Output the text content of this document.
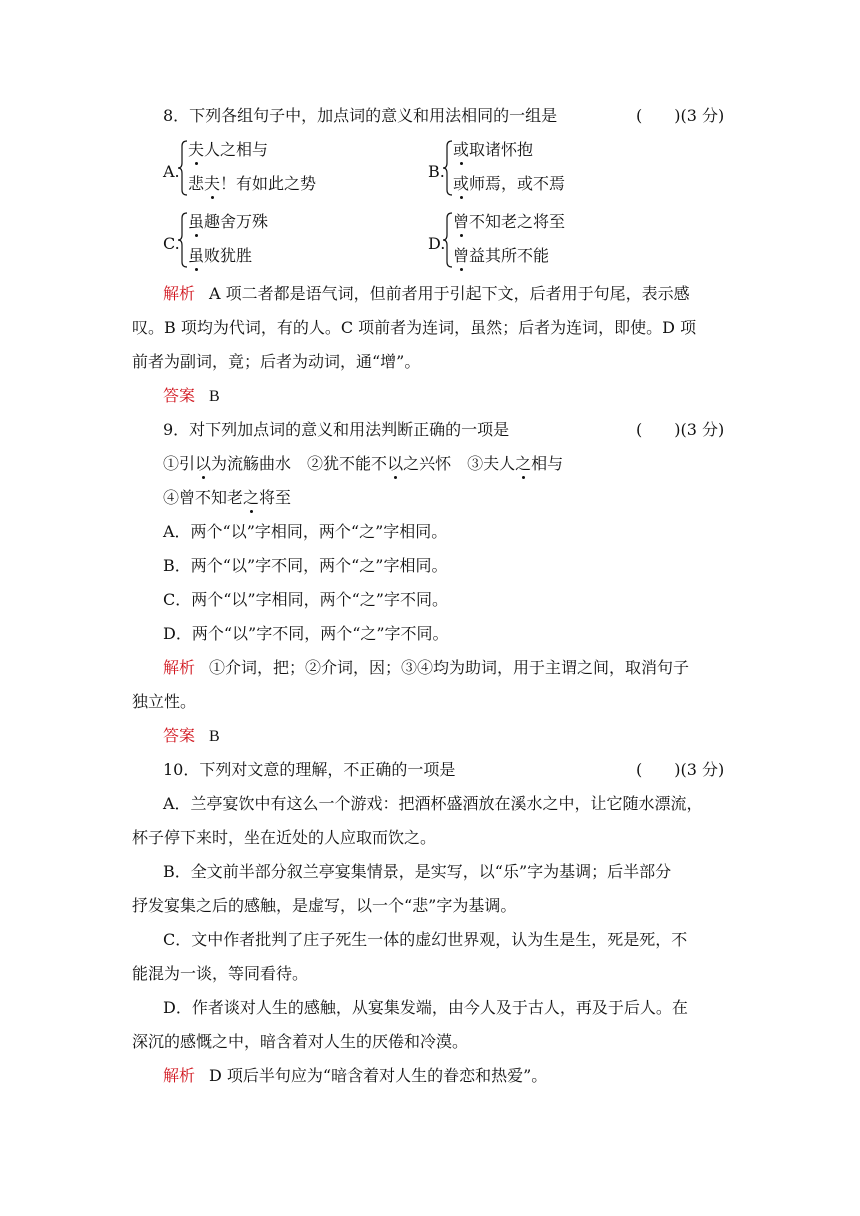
8．下列各组句子中，加点词的意义和用法相同的一组是	(　　)(3 分)
A.
夫人之相与
悲夫！有如此之势
B.
或取诸怀抱
或师焉，或不焉
C.
虽趣舍万殊
虽败犹胜
D.
曾不知老之将至
曾益其所不能
解析 A 项二者都是语气词，但前者用于引起下文，后者用于句尾，表示感
叹。B 项均为代词，有的人。C 项前者为连词，虽然；后者为连词，即使。D 项
前者为副词，竟；后者为动词，通“增”。
答案 B
9．对下列加点词的意义和用法判断正确的一项是	(　　)(3 分)
①引以为流觞曲水 ②犹不能不以之兴怀 ③夫人之相与
④曾不知老之将至
A．两个“以”字相同，两个“之”字相同。
B．两个“以”字不同，两个“之”字相同。
C．两个“以”字相同，两个“之”字不同。
D．两个“以”字不同，两个“之”字不同。
解析 ①介词，把；②介词，因；③④均为助词，用于主谓之间，取消句子
独立性。
答案 B
10．下列对文意的理解，不正确的一项是	(　　)(3 分)
A．兰亭宴饮中有这么一个游戏：把酒杯盛酒放在溪水之中，让它随水漂流，
杯子停下来时，坐在近处的人应取而饮之。
B．全文前半部分叙兰亭宴集情景，是实写，以“乐”字为基调；后半部分
抒发宴集之后的感触，是虚写，以一个“悲”字为基调。
C．文中作者批判了庄子死生一体的虚幻世界观，认为生是生，死是死，不
能混为一谈，等同看待。
D．作者谈对人生的感触，从宴集发端，由今人及于古人，再及于后人。在
深沉的感慨之中，暗含着对人生的厌倦和冷漠。
解析 D 项后半句应为“暗含着对人生的眷恋和热爱”。
